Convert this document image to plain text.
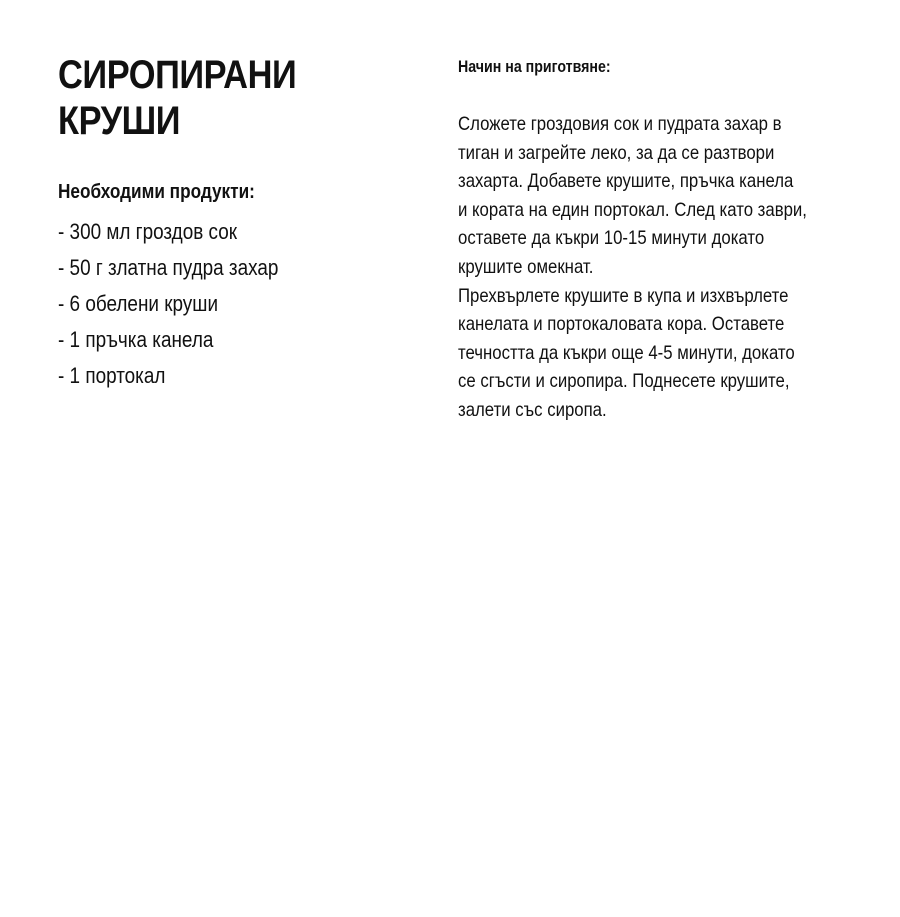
СИРОПИРАНИ
КРУШИ
Необходими продукти:
- 300 мл гроздов сок
- 50 г златна пудра захар
- 6 обелени круши
- 1 пръчка канела
- 1 портокал
Начин на приготвяне:
Сложете гроздовия сок и пудрата захар в
тиган и загрейте леко, за да се разтвори
захарта. Добавете крушите, пръчка канела
и кората на един портокал. След като заври,
оставете да къкри 10-15 минути докато
крушите омекнат.
Прехвърлете крушите в купа и изхвърлете
канелата и портокаловата кора. Оставете
течността да къкри още 4-5 минути, докато
се сгъсти и сиропира. Поднесете крушите,
залети със сиропа.
